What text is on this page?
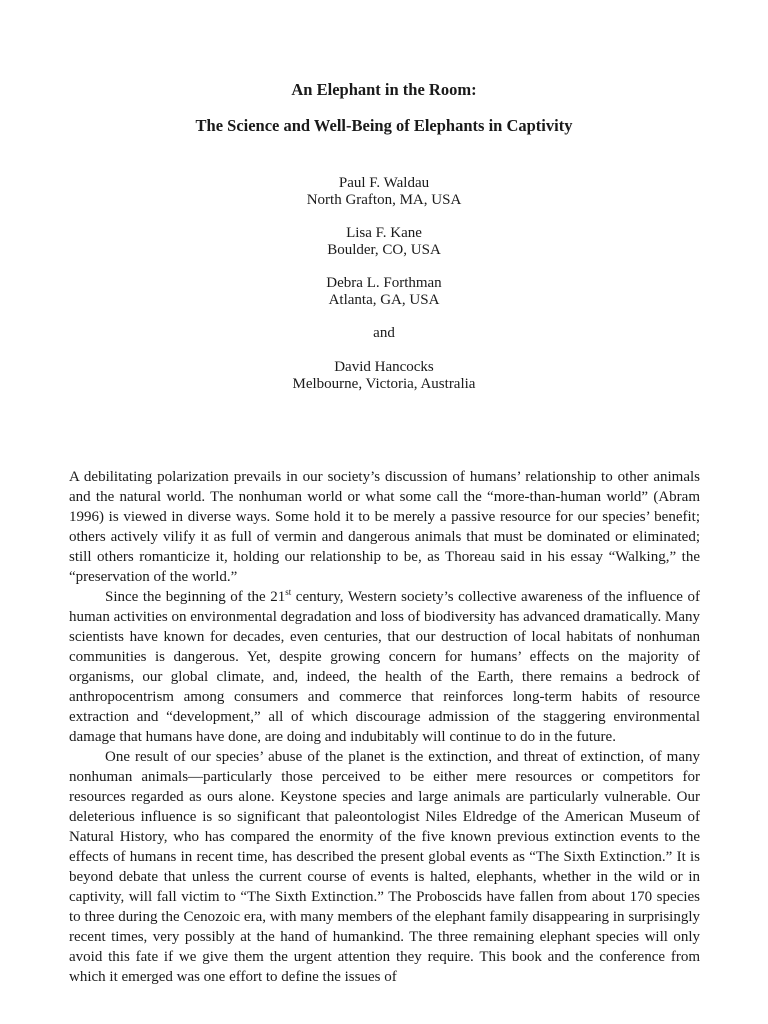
An Elephant in the Room:

The Science and Well-Being of Elephants in Captivity

Paul F. Waldau
North Grafton, MA, USA
Lisa F. Kane
Boulder, CO, USA
Debra L. Forthman
Atlanta, GA, USA
and
David Hancocks
Melbourne, Victoria, Australia

A debilitating polarization prevails in our society’s discussion of humans’ relationship to other animals and the natural world. The nonhuman world or what some call the “more-than-human world” (Abram 1996) is viewed in diverse ways. Some hold it to be merely a passive resource for our species’ benefit; others actively vilify it as full of vermin and dangerous animals that must be dominated or eliminated; still others romanticize it, holding our relationship to be, as Thoreau said in his essay “Walking,” the “preservation of the world.”

Since the beginning of the 21st century, Western society’s collective awareness of the influence of human activities on environmental degradation and loss of biodiversity has advanced dramatically. Many scientists have known for decades, even centuries, that our destruction of local habitats of nonhuman communities is dangerous. Yet, despite growing concern for humans’ effects on the majority of organisms, our global climate, and, indeed, the health of the Earth, there remains a bedrock of anthropocentrism among consumers and commerce that reinforces long-term habits of resource extraction and “development,” all of which discourage admission of the staggering environmental damage that humans have done, are doing and indubitably will continue to do in the future.

One result of our species’ abuse of the planet is the extinction, and threat of extinction, of many nonhuman animals—particularly those perceived to be either mere resources or competitors for resources regarded as ours alone. Keystone species and large animals are particularly vulnerable. Our deleterious influence is so significant that paleontologist Niles Eldredge of the American Museum of Natural History, who has compared the enormity of the five known previous extinction events to the effects of humans in recent time, has described the present global events as “The Sixth Extinction.” It is beyond debate that unless the current course of events is halted, elephants, whether in the wild or in captivity, will fall victim to “The Sixth Extinction.” The Proboscids have fallen from about 170 species to three during the Cenozoic era, with many members of the elephant family disappearing in surprisingly recent times, very possibly at the hand of humankind. The three remaining elephant species will only avoid this fate if we give them the urgent attention they require. This book and the conference from which it emerged was one effort to define the issues of
